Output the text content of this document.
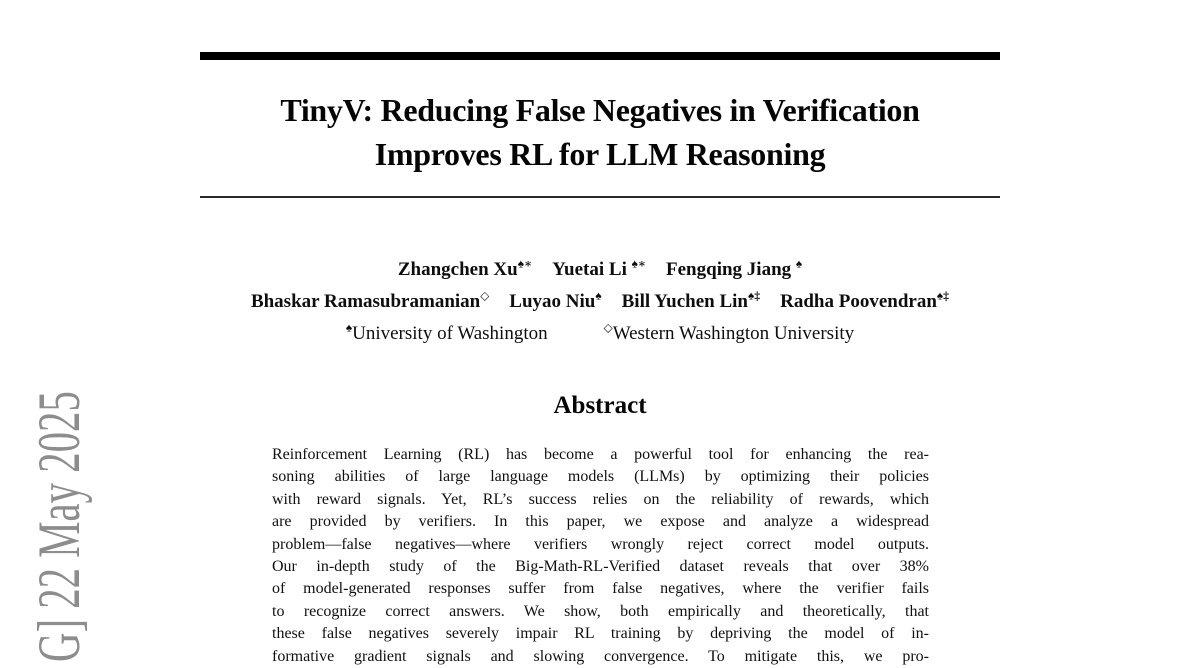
G] 22 May 2025
TinyV: Reducing False Negatives in Verification
Improves RL for LLM Reasoning
Zhangchen Xu♠∗ Yuetai Li ♠∗ Fengqing Jiang ♠
Bhaskar Ramasubramanian◇ Luyao Niu♠ Bill Yuchen Lin♠‡ Radha Poovendran♠‡
♠University of Washington	◇Western Washington University
Abstract
Reinforcement Learning (RL) has become a powerful tool for enhancing the rea-
soning abilities of large language models (LLMs) by optimizing their policies
with reward signals. Yet, RL’s success relies on the reliability of rewards, which
are provided by verifiers. In this paper, we expose and analyze a widespread
problem—false negatives—where verifiers wrongly reject correct model outputs.
Our in-depth study of the Big-Math-RL-Verified dataset reveals that over 38%
of model-generated responses suffer from false negatives, where the verifier fails
to recognize correct answers. We show, both empirically and theoretically, that
these false negatives severely impair RL training by depriving the model of in-
formative gradient signals and slowing convergence. To mitigate this, we pro-
